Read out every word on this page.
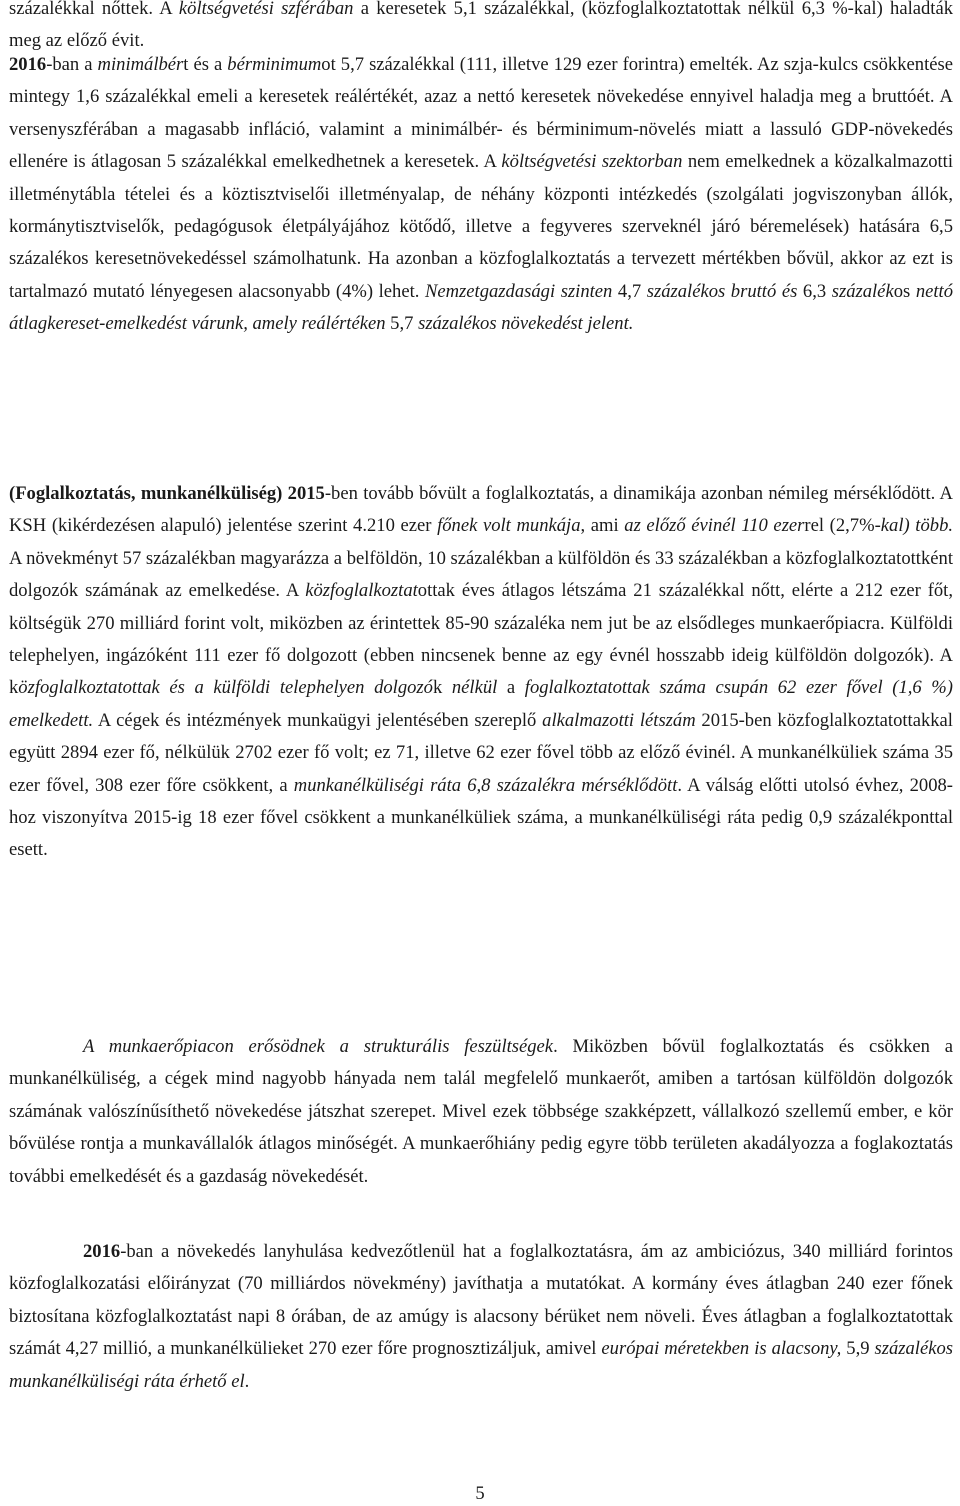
százalékkal nőttek. A költségvetési szférában a keresetek 5,1 százalékkal, (közfoglalkoztatottak nélkül 6,3 %-kal) haladták meg az előző évit.

2016-ban a minimálbért és a bérminimumot 5,7 százalékkal (111, illetve 129 ezer forintra) emelték. Az szja-kulcs csökkentése mintegy 1,6 százalékkal emeli a keresetek reálértékét, azaz a nettó keresetek növekedése ennyivel haladja meg a bruttóét. A versenyszférában a magasabb infláció, valamint a minimálbér- és bérminimum-növelés miatt a lassuló GDP-növekedés ellenére is átlagosan 5 százalékkal emelkedhetnek a keresetek. A költségvetési szektorban nem emelkednek a közalkalmazotti illetménytábla tételei és a köztisztviselői illetményalap, de néhány központi intézkedés (szolgálati jogviszonyban állók, kormánytisztviselők, pedagógusok életpályájához kötődő, illetve a fegyveres szerveknél járó béremelések) hatására 6,5 százalékos keresetnövekedéssel számolhatunk. Ha azonban a közfoglalkoztatás a tervezett mértékben bővül, akkor az ezt is tartalmazó mutató lényegesen alacsonyabb (4%) lehet. Nemzetgazdasági szinten 4,7 százalékos bruttó és 6,3 százalékos nettó átlagkereset-emelkedést várunk, amely reálértéken 5,7 százalékos növekedést jelent.

(Foglalkoztatás, munkanélküliség) 2015-ben tovább bővült a foglalkoztatás, a dinamikája azonban némileg mérséklődött. A KSH (kikérdezésen alapuló) jelentése szerint 4.210 ezer főnek volt munkája, ami az előző évinél 110 ezerrel (2,7%-kal) több. A növekményt 57 százalékban magyarázza a belföldön, 10 százalékban a külföldön és 33 százalékban a közfoglalkoztatottként dolgozók számának az emelkedése. A közfoglalkoztatottak éves átlagos létszáma 21 százalékkal nőtt, elérte a 212 ezer főt, költségük 270 milliárd forint volt, miközben az érintettek 85-90 százaléka nem jut be az elsődleges munkaerőpiacra. Külföldi telephelyen, ingázóként 111 ezer fő dolgozott (ebben nincsenek benne az egy évnél hosszabb ideig külföldön dolgozók). A közfoglalkoztatottak és a külföldi telephelyen dolgozók nélkül a foglalkoztatottak száma csupán 62 ezer fővel (1,6 %) emelkedett. A cégek és intézmények munkaügyi jelentésében szereplő alkalmazotti létszám 2015-ben közfoglalkoztatottakkal együtt 2894 ezer fő, nélkülük 2702 ezer fő volt; ez 71, illetve 62 ezer fővel több az előző évinél. A munkanélküliek száma 35 ezer fővel, 308 ezer főre csökkent, a munkanélküliségi ráta 6,8 százalékra mérséklődött. A válság előtti utolsó évhez, 2008-hoz viszonyítva 2015-ig 18 ezer fővel csökkent a munkanélküliek száma, a munkanélküliségi ráta pedig 0,9 százalékponttal esett.

A munkaerőpiacon erősödnek a strukturális feszültségek. Miközben bővül foglalkoztatás és csökken a munkanélküliség, a cégek mind nagyobb hányada nem talál megfelelő munkaerőt, amiben a tartósan külföldön dolgozók számának valószínűsíthető növekedése játszhat szerepet. Mivel ezek többsége szakképzett, vállalkozó szellemű ember, e kör bővülése rontja a munkavállalók átlagos minőségét. A munkaerőhiány pedig egyre több területen akadályozza a foglakoztatás további emelkedését és a gazdaság növekedését.

2016-ban a növekedés lanyhulása kedvezőtlenül hat a foglalkoztatásra, ám az ambiciózus, 340 milliárd forintos közfoglalkozatási előirányzat (70 milliárdos növekmény) javíthatja a mutatókat. A kormány éves átlagban 240 ezer főnek biztosítana közfoglalkoztatást napi 8 órában, de az amúgy is alacsony bérüket nem növeli. Éves átlagban a foglalkoztatottak számát 4,27 millió, a munkanélkülieket 270 ezer főre prognosztizáljuk, amivel európai méretekben is alacsony, 5,9 százalékos munkanélküliségi ráta érhető el.

5
